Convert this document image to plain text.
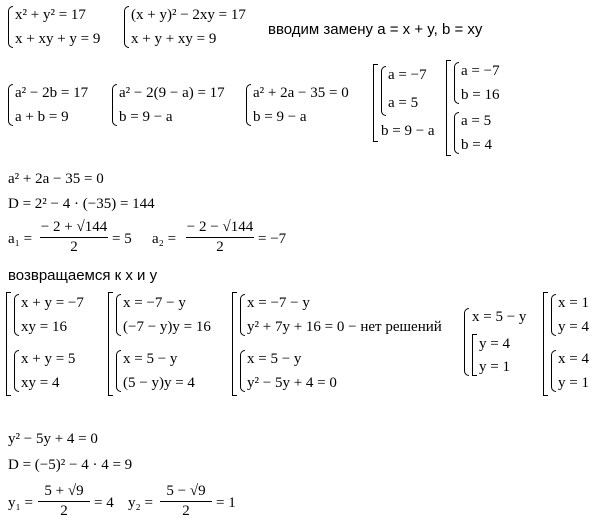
x² + y² = 17
x + xy + y = 9
(x + y)² − 2xy = 17
x + y + xy = 9
вводим замену a = x + y, b = xy
a² − 2b = 17
a + b = 9
a² − 2(9 − a) = 17
b = 9 − a
a² + 2a − 35 = 0
b = 9 − a
a = −7
a = 5
b = 9 − a
a = −7
b = 16
a = 5
b = 4
a² + 2a − 35 = 0
D = 2² − 4 · (−35) = 144
a₁ =
− 2 + √144
2	= 5 a₂ =
− 2 − √144
2	= −7
возвращаемся к x и y
x + y = −7
xy = 16
x + y = 5
xy = 4
x = −7 − y
(−7 − y)y = 16
x = 5 − y
(5 − y)y = 4
x = −7 − y
y² + 7y + 16 = 0 − нет решений
x = 5 − y
y² − 5y + 4 = 0
x = 5 − y
y = 4
y = 1
x = 1
y = 4
x = 4
y = 1
y² − 5y + 4 = 0
D = (−5)² − 4 · 4 = 9
y₁ =
5 + √9
2	= 4 y₂ =
5 − √9
2	= 1
